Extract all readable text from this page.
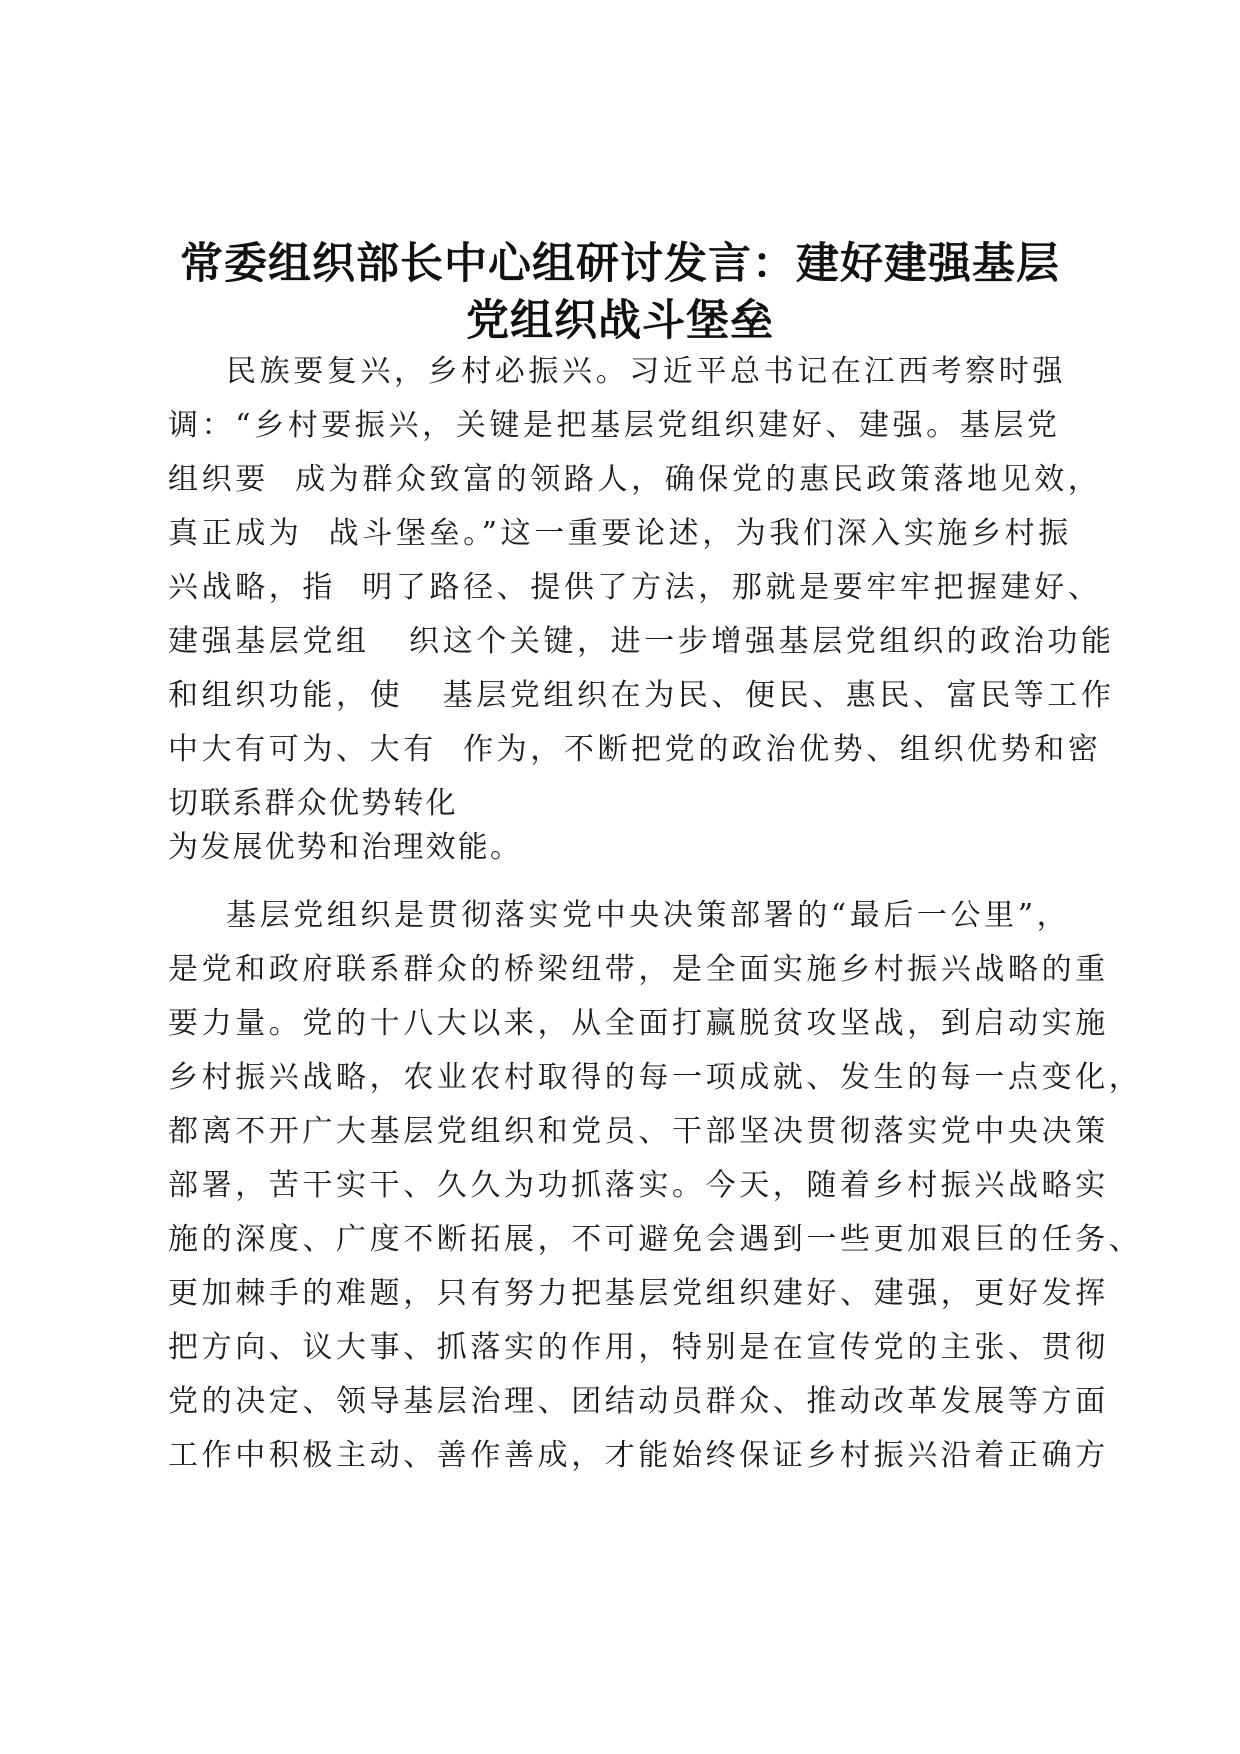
常委组织部长中心组研讨发言：建好建强基层
党组织战斗堡垒
民族要复兴，乡村必振兴。习近平总书记在江西考察时强
调：“乡村要振兴，关键是把基层党组织建好、建强。基层党
组织要  成为群众致富的领路人，确保党的惠民政策落地见效，
真正成为  战斗堡垒。”这一重要论述，为我们深入实施乡村振
兴战略，指  明了路径、提供了方法，那就是要牢牢把握建好、
建强基层党组   织这个关键，进一步增强基层党组织的政治功能
和组织功能，使   基层党组织在为民、便民、惠民、富民等工作
中大有可为、大有  作为，不断把党的政治优势、组织优势和密
切联系群众优势转化
为发展优势和治理效能。
基层党组织是贯彻落实党中央决策部署的“最后一公里”，
是党和政府联系群众的桥梁纽带，是全面实施乡村振兴战略的重
要力量。党的十八大以来，从全面打赢脱贫攻坚战，到启动实施
乡村振兴战略，农业农村取得的每一项成就、发生的每一点变化，
都离不开广大基层党组织和党员、干部坚决贯彻落实党中央决策
部署，苦干实干、久久为功抓落实。今天，随着乡村振兴战略实
施的深度、广度不断拓展，不可避免会遇到一些更加艰巨的任务、
更加棘手的难题，只有努力把基层党组织建好、建强，更好发挥
把方向、议大事、抓落实的作用，特别是在宣传党的主张、贯彻
党的决定、领导基层治理、团结动员群众、推动改革发展等方面
工作中积极主动、善作善成，才能始终保证乡村振兴沿着正确方
